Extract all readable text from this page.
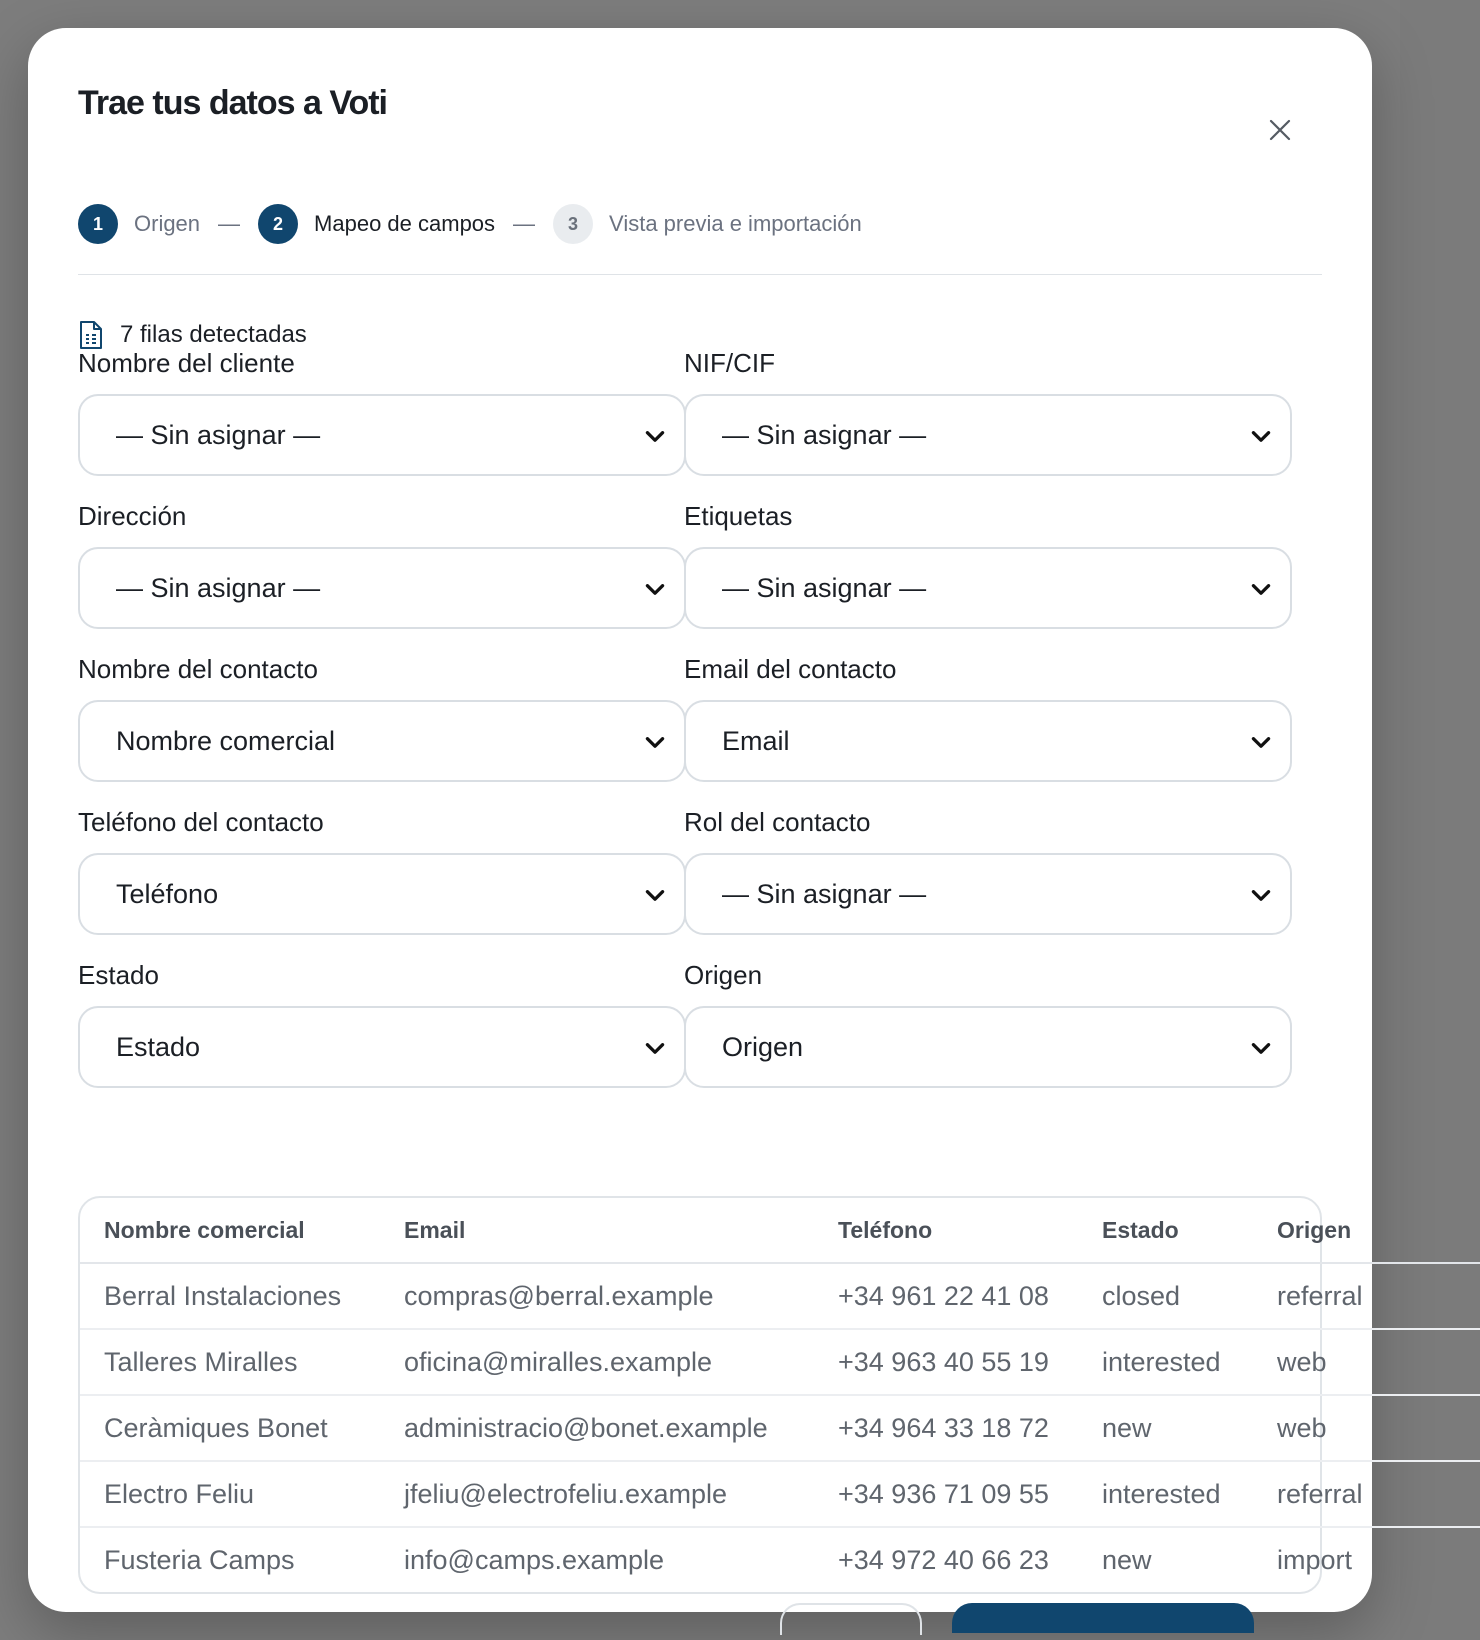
Trae tus datos a Voti
1	Origen —	2	Mapeo de campos —	3	Vista previa e importación
7 filas detectadas
Nombre del cliente
— Sin asignar —
NIF/CIF
— Sin asignar —
Dirección
— Sin asignar —
Etiquetas
— Sin asignar —
Nombre del contacto
Nombre comercial
Email del contacto
Email
Teléfono del contacto
Teléfono
Rol del contacto
— Sin asignar —
Estado
Estado
Origen
Origen
Nombre comercial	Email	Teléfono	Estado	Origen
Berral Instalaciones	compras@berral.example	+34 961 22 41 08	closed	referral
Talleres Miralles	oficina@miralles.example	+34 963 40 55 19	interested	web
Ceràmiques Bonet	administracio@bonet.example	+34 964 33 18 72	new	web
Electro Feliu	jfeliu@electrofeliu.example	+34 936 71 09 55	interested	referral
Fusteria Camps	info@camps.example	+34 972 40 66 23	new	import
